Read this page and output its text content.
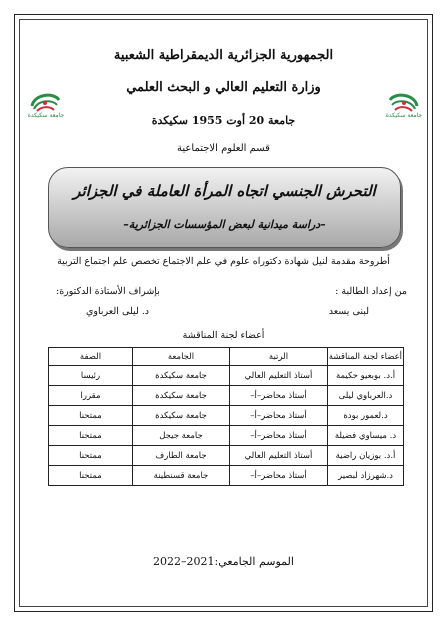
الجمهورية الجزائرية الديمقراطية الشعبية
وزارة التعليم العالي و البحث العلمي
جامعة 20 أوت 1955 سكيكدة
قسم العلوم الاجتماعية
جامعة سكيكدة	جامعة سكيكدة
التحرش الجنسي اتجاه المرأة العاملة في الجزائر
–دراسة ميدانية لبعض المؤسسات الجزائرية–
أطروحة مقدمة لنيل شهادة دكتوراه علوم في علم الاجتماع تخصص علم اجتماع التربية
من إعداد الطالبة :
بإشراف الأستاذة الدكتورة:
لبنى يسعد
د. ليلى العرباوي
أعضاء لجنة المناقشة
أعضاء لجنة المناقشة	الرتبة	الجامعة	الصفة
أ.د. بوبعيو حكيمة	أستاذ التعليم العالي	جامعة سكيكدة	رئيسا
د.العرباوي ليلى	أستاذ محاضر–أ–	جامعة سكيكدة	مقررا
د.لعمور بودة	أستاذ محاضر–أ–	جامعة سكيكدة	ممتحنا
د. ميساوي فضيلة	أستاذ محاضر–أ–	جامعة جيجل	ممتحنا
أ.د. بوزيان راضية	أستاذ التعليم العالي	جامعة الطارف	ممتحنا
د.شهرزاد لبصير	أستاذ محاضر–أ–	جامعة قسنطينة	ممتحنا
الموسم الجامعي:2021–2022
